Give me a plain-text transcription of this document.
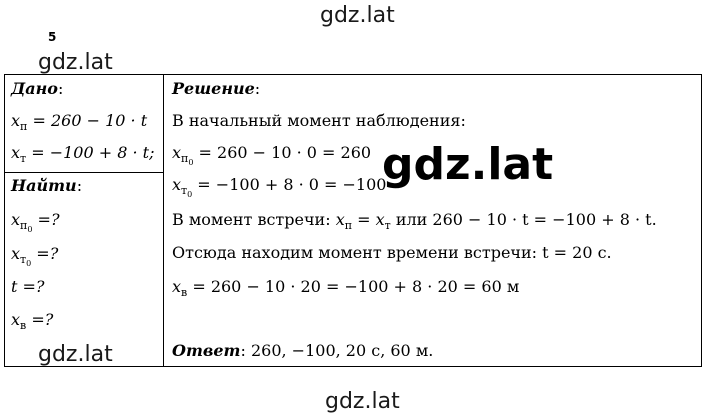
5
gdz.lat
gdz.lat
Дано:
$x_п = 260 - 10 \cdot t$
$x_т = -100 + 8 \cdot t$;
Найти:
$x_{п_0}$ =?
$x_{т_0}$ =?
t =?
$x_в$ =?
Решение:
В начальный момент наблюдения:
$x_{п_0} = 260 - 10 \cdot 0 = 260$
$x_{т_0} = -100 + 8 \cdot 0 = -100$
В момент встречи: $x_п = x_т$ или 260 − 10 · t = −100 + 8 · t.
Отсюда находим момент времени встречи: t = 20 с.
$x_в = 260 - 10 \cdot 20 = -100 + 8 \cdot 20 = 60$ м
Ответ: 260, −100, 20 с, 60 м.
gdz.lat
gdz.lat
gdz.lat
